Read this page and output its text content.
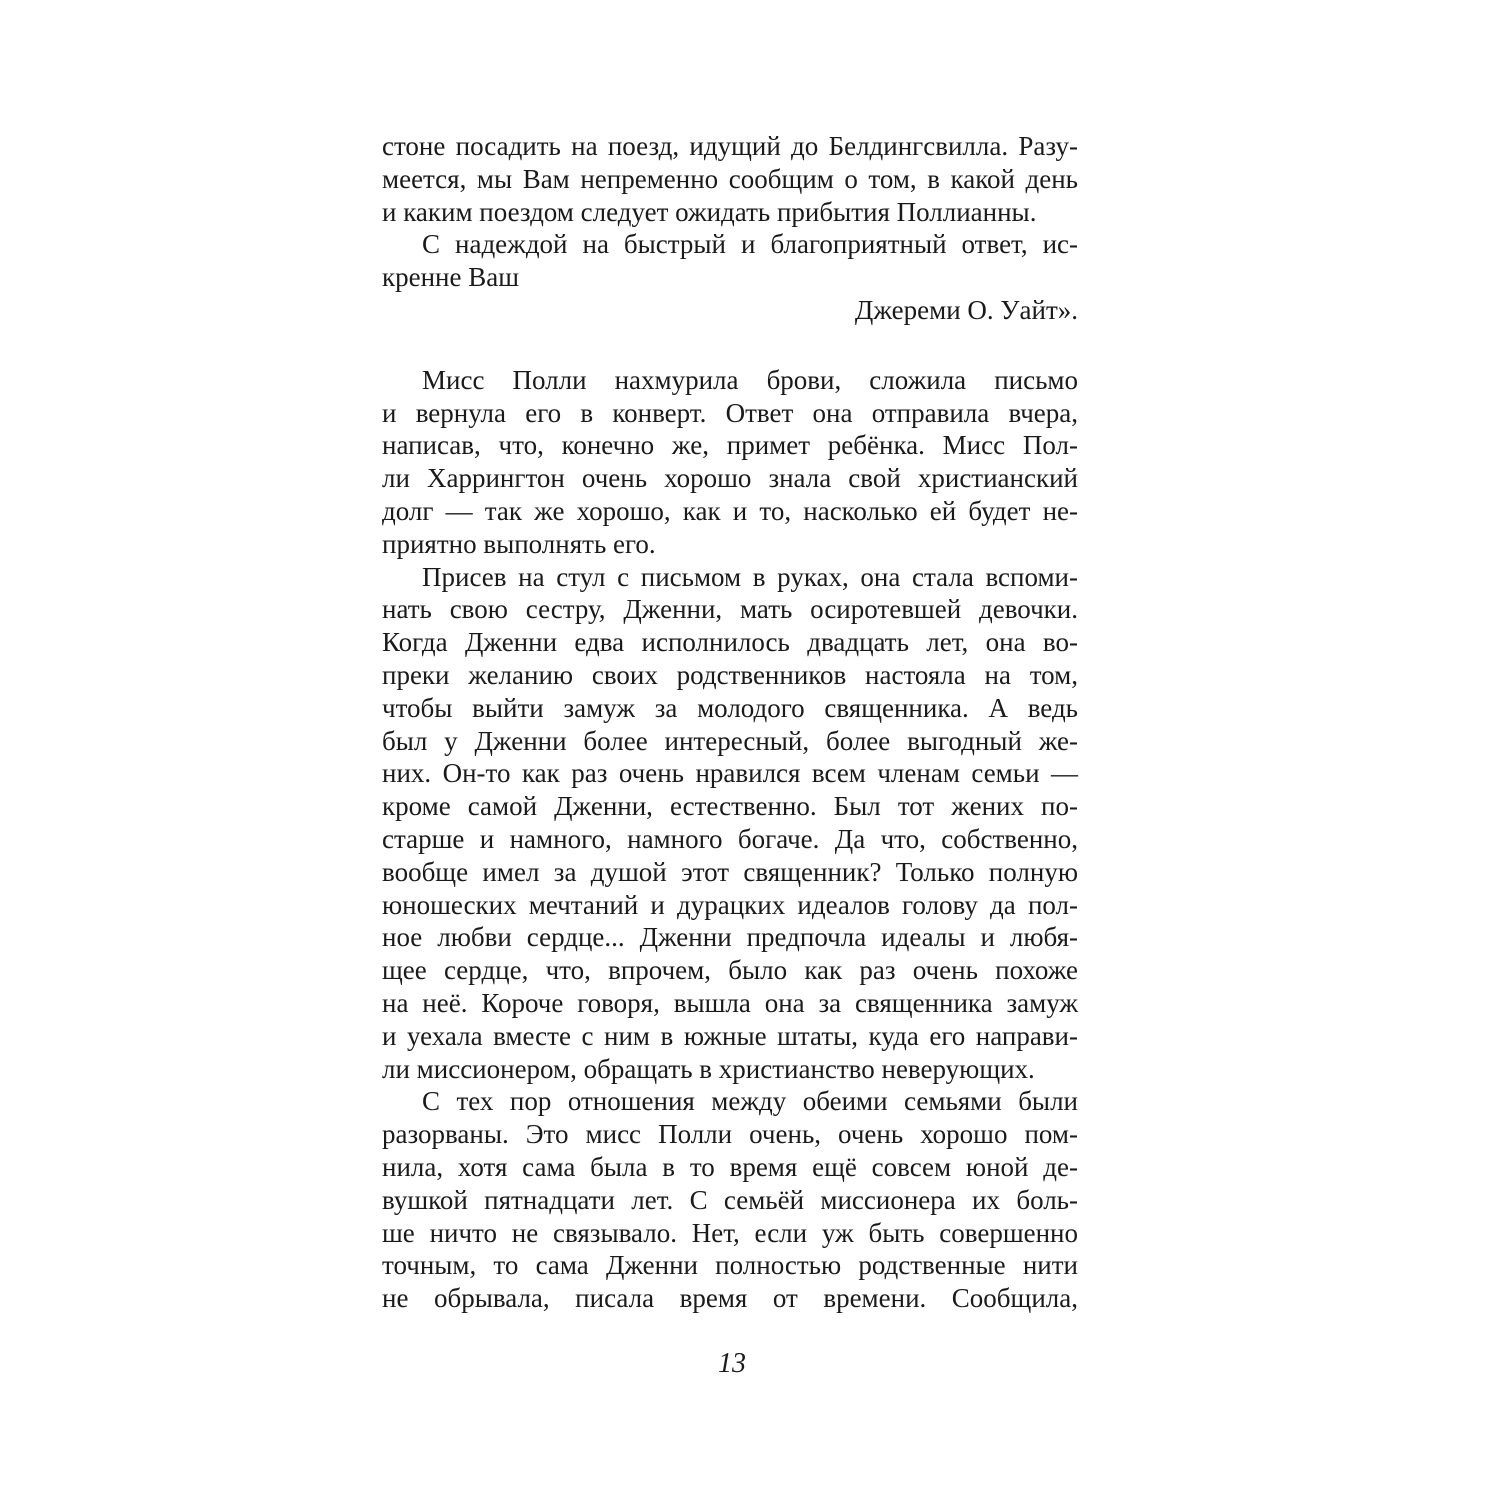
стоне посадить на поезд, идущий до Белдингсвилла. Разу-
меется, мы Вам непременно сообщим о том, в какой день
и каким поездом следует ожидать прибытия Поллианны.
С надеждой на быстрый и благоприятный ответ, ис-
кренне Ваш
Джереми О. Уайт».
Мисс Полли нахмурила брови, сложила письмо
и вернула его в конверт. Ответ она отправила вчера,
написав, что, конечно же, примет ребёнка. Мисс Пол-
ли Харрингтон очень хорошо знала свой христианский
долг — так же хорошо, как и то, насколько ей будет не-
приятно выполнять его.
Присев на стул с письмом в руках, она стала вспоми-
нать свою сестру, Дженни, мать осиротевшей девочки.
Когда Дженни едва исполнилось двадцать лет, она во-
преки желанию своих родственников настояла на том,
чтобы выйти замуж за молодого священника. А ведь
был у Дженни более интересный, более выгодный же-
них. Он-то как раз очень нравился всем членам семьи —
кроме самой Дженни, естественно. Был тот жених по-
старше и намного, намного богаче. Да что, собственно,
вообще имел за душой этот священник? Только полную
юношеских мечтаний и дурацких идеалов голову да пол-
ное любви сердце... Дженни предпочла идеалы и любя-
щее сердце, что, впрочем, было как раз очень похоже
на неё. Короче говоря, вышла она за священника замуж
и уехала вместе с ним в южные штаты, куда его направи-
ли миссионером, обращать в христианство неверующих.
С тех пор отношения между обеими семьями были
разорваны. Это мисс Полли очень, очень хорошо пом-
нила, хотя сама была в то время ещё совсем юной де-
вушкой пятнадцати лет. С семьёй миссионера их боль-
ше ничто не связывало. Нет, если уж быть совершенно
точным, то сама Дженни полностью родственные нити
не обрывала, писала время от времени. Сообщила,
13
